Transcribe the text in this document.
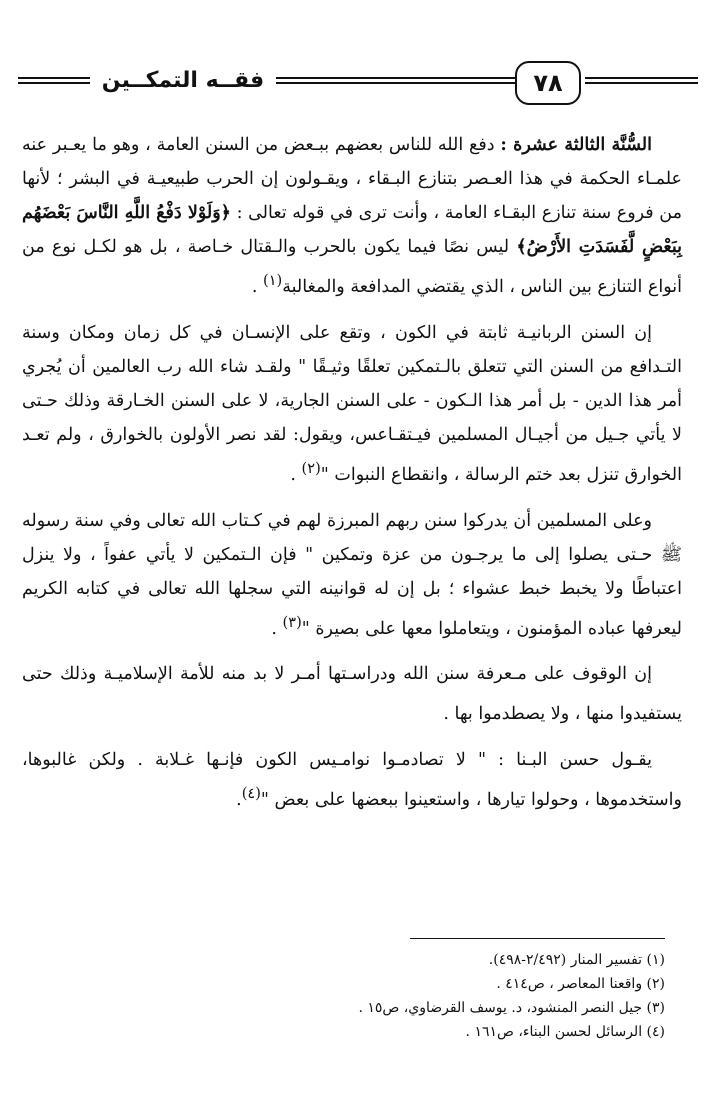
٧٨
فقــه التمكــين

السُّنَّة الثالثة عشرة : دفع الله للناس بعضهم ببـعض من السنن العامة ، وهو ما يعـبر عنه علمـاء الحكمة في هذا العـصر بتنازع البـقاء ، ويقـولون إن الحرب طبيعيـة في البشر ؛ لأنها من فروع سنة تنازع البقـاء العامة ، وأنت ترى في قوله تعالى : ﴿وَلَوْلا دَفْعُ اللَّهِ النَّاسَ بَعْضَهُم بِبَعْضٍ لَّفَسَدَتِ الأَرْضُ﴾ ليس نصًا فيما يكون بالحرب والـقتال خـاصة ، بل هو لكـل نوع من أنواع التنازع بين الناس ، الذي يقتضي المدافعة والمغالبة$^{(١)}$ .

إن السنن الربانيـة ثابتة في الكون ، وتقع على الإنسـان في كل زمان ومكان وسنة التـدافع من السنن التي تتعلق بالـتمكين تعلقًا وثيـقًا " ولقـد شاء الله رب العالمين أن يُجري أمر هذا الدين - بل أمر هذا الـكون - على السنن الجارية، لا على السنن الخـارقة وذلك حـتى لا يأتي جـيل من أجيـال المسلمين فيـتقـاعس، ويقول: لقد نصر الأولون بالخوارق ، ولم تعـد الخوارق تنزل بعد ختم الرسالة ، وانقطاع النبوات "$^{(٢)}$ .

وعلى المسلمين أن يدركوا سنن ربهم المبرزة لهم في كـتاب الله تعالى وفي سنة رسوله ﷺ حـتى يصلوا إلى ما يرجـون من عزة وتمكين " فإن الـتمكين لا يأتي عفواً ، ولا ينزل اعتباطًا ولا يخبط خبط عشواء ؛ بل إن له قوانينه التي سجلها الله تعالى في كتابه الكريم ليعرفها عباده المؤمنون ، ويتعاملوا معها على بصيرة "$^{(٣)}$ .

إن الوقوف على مـعرفة سنن الله ودراسـتها أمـر لا بد منه للأمة الإسلاميـة وذلك حتى يستفيدوا منها ، ولا يصطدموا بها .

يقـول حسن البـنا : " لا تصادمـوا نوامـيس الكون فإنـها غـلابة . ولكن غالبوها، واستخدموها ، وحولوا تيارها ، واستعينوا ببعضها على بعض "$^{(٤)}$.

(١) تفسير المنار (٢/٤٩٢-٤٩٨).
(٢) واقعنا المعاصر ، ص٤١٤ .
(٣) جيل النصر المنشود، د. يوسف القرضاوي، ص١٥ .
(٤) الرسائل لحسن البناء، ص١٦١ .
